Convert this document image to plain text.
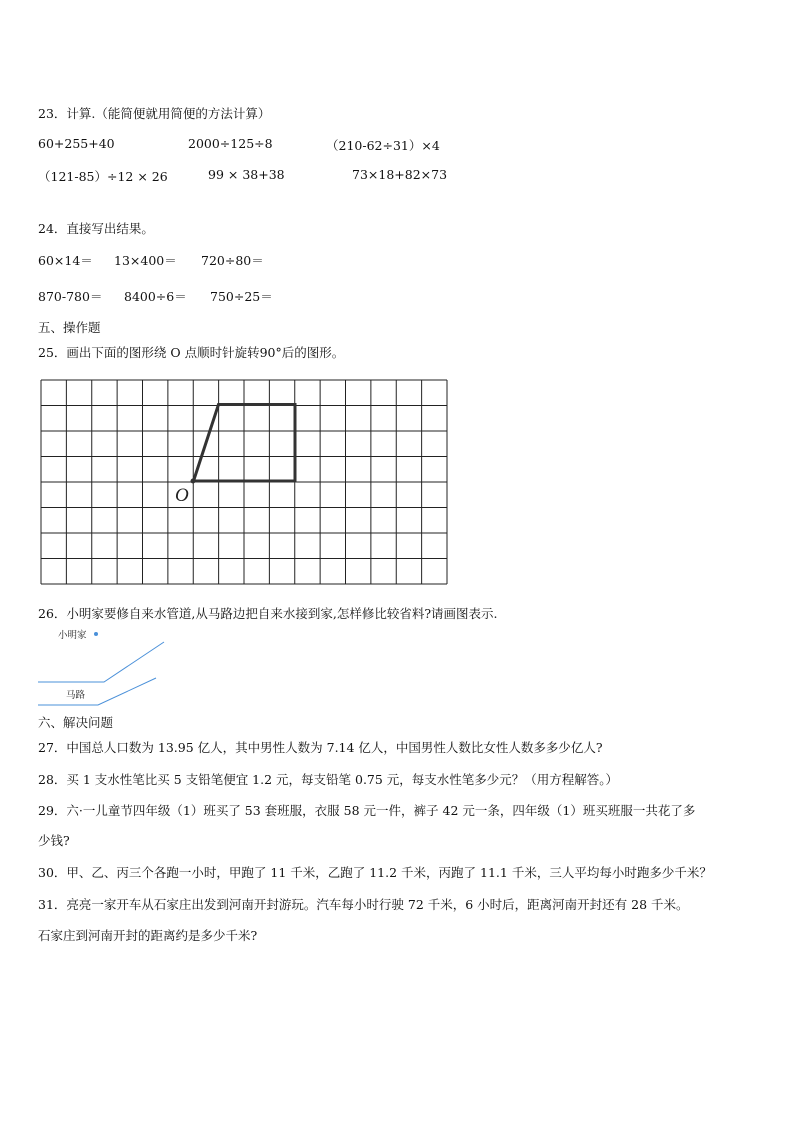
23．计算.（能简便就用简便的方法计算）
60+255+40	2000÷125÷8	（210-62÷31）×4
（121-85）÷12 × 26	99 × 38+38	73×18+82×73
24．直接写出结果。
60×14＝ 13×400＝ 720÷80＝
870-780＝ 8400÷6＝ 750÷25＝
五、操作题
25．画出下面的图形绕 O 点顺时针旋转90°后的图形。
O
26．小明家要修自来水管道,从马路边把自来水接到家,怎样修比较省料?请画图表示.
小明家
马路
六、解决问题
27．中国总人口数为 13.95 亿人，其中男性人数为 7.14 亿人，中国男性人数比女性人数多多少亿人?
28．买 1 支水性笔比买 5 支铅笔便宜 1.2 元，每支铅笔 0.75 元，每支水性笔多少元？（用方程解答。）
29．六·一儿童节四年级（1）班买了 53 套班服，衣服 58 元一件，裤子 42 元一条，四年级（1）班买班服一共花了多
少钱?
30．甲、乙、丙三个各跑一小时，甲跑了 11 千米，乙跑了 11.2 千米，丙跑了 11.1 千米，三人平均每小时跑多少千米？
31．亮亮一家开车从石家庄出发到河南开封游玩。汽车每小时行驶 72 千米，6 小时后，距离河南开封还有 28 千米。
石家庄到河南开封的距离约是多少千米?
